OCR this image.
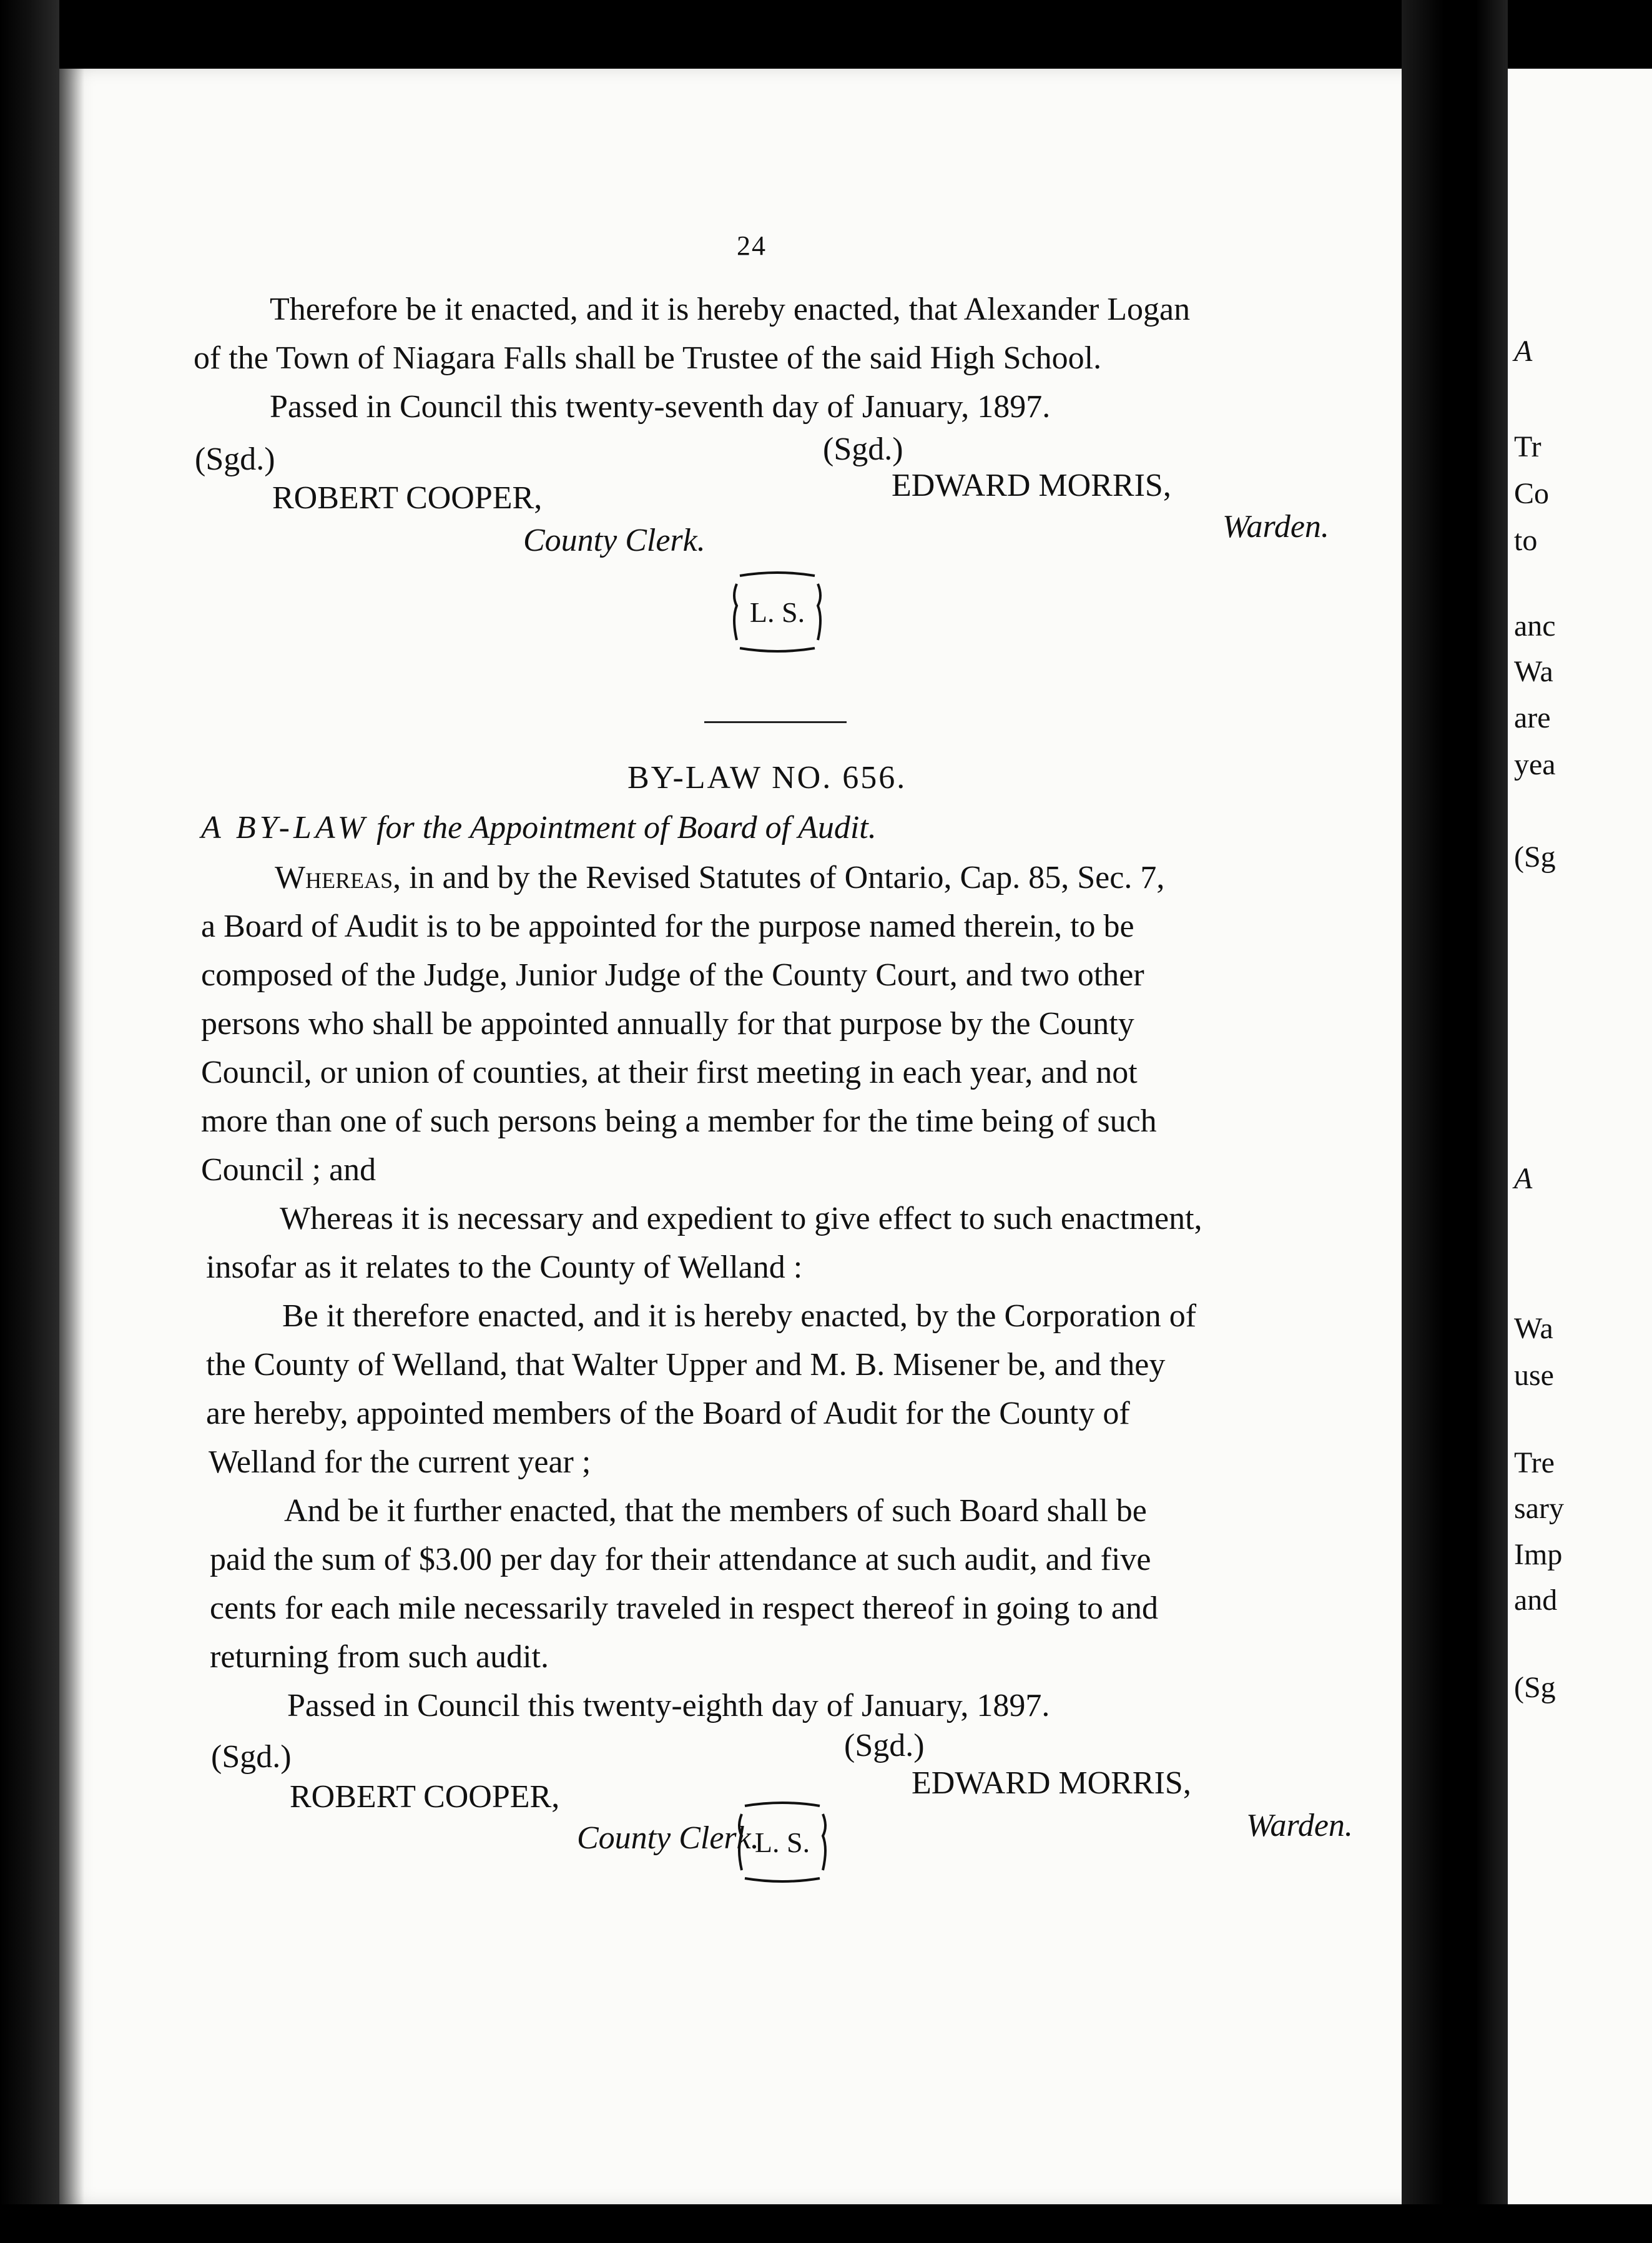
A
Tr
Co
to
anc
Wa
are
yea
(Sg
A
Wa
use
Tre
sary
Imp
and
(Sg
24
Therefore be it enacted, and it is hereby enacted, that Alexander Logan
of the Town of Niagara Falls shall be Trustee of the said High School.
Passed in Council this twenty-seventh day of January, 1897.
(Sgd.)	(Sgd.)
ROBERT COOPER,	EDWARD MORRIS,
County Clerk.	Warden.
L. S.
BY-LAW NO. 656.
A BY-LAW for the Appointment of Board of Audit.
Whereas, in and by the Revised Statutes of Ontario, Cap. 85, Sec. 7,
a Board of Audit is to be appointed for the purpose named therein, to be
composed of the Judge, Junior Judge of the County Court, and two other
persons who shall be appointed annually for that purpose by the County
Council, or union of counties, at their first meeting in each year, and not
more than one of such persons being a member for the time being of such
Council ; and
Whereas it is necessary and expedient to give effect to such enactment,
insofar as it relates to the County of Welland :
Be it therefore enacted, and it is hereby enacted, by the Corporation of
the County of Welland, that Walter Upper and M. B. Misener be, and they
are hereby, appointed members of the Board of Audit for the County of
Welland for the current year ;
And be it further enacted, that the members of such Board shall be
paid the sum of $3.00 per day for their attendance at such audit, and five
cents for each mile necessarily traveled in respect thereof in going to and
returning from such audit.
Passed in Council this twenty-eighth day of January, 1897.
(Sgd.)	(Sgd.)
ROBERT COOPER,	EDWARD MORRIS,
County Clerk.	Warden.
L. S.
